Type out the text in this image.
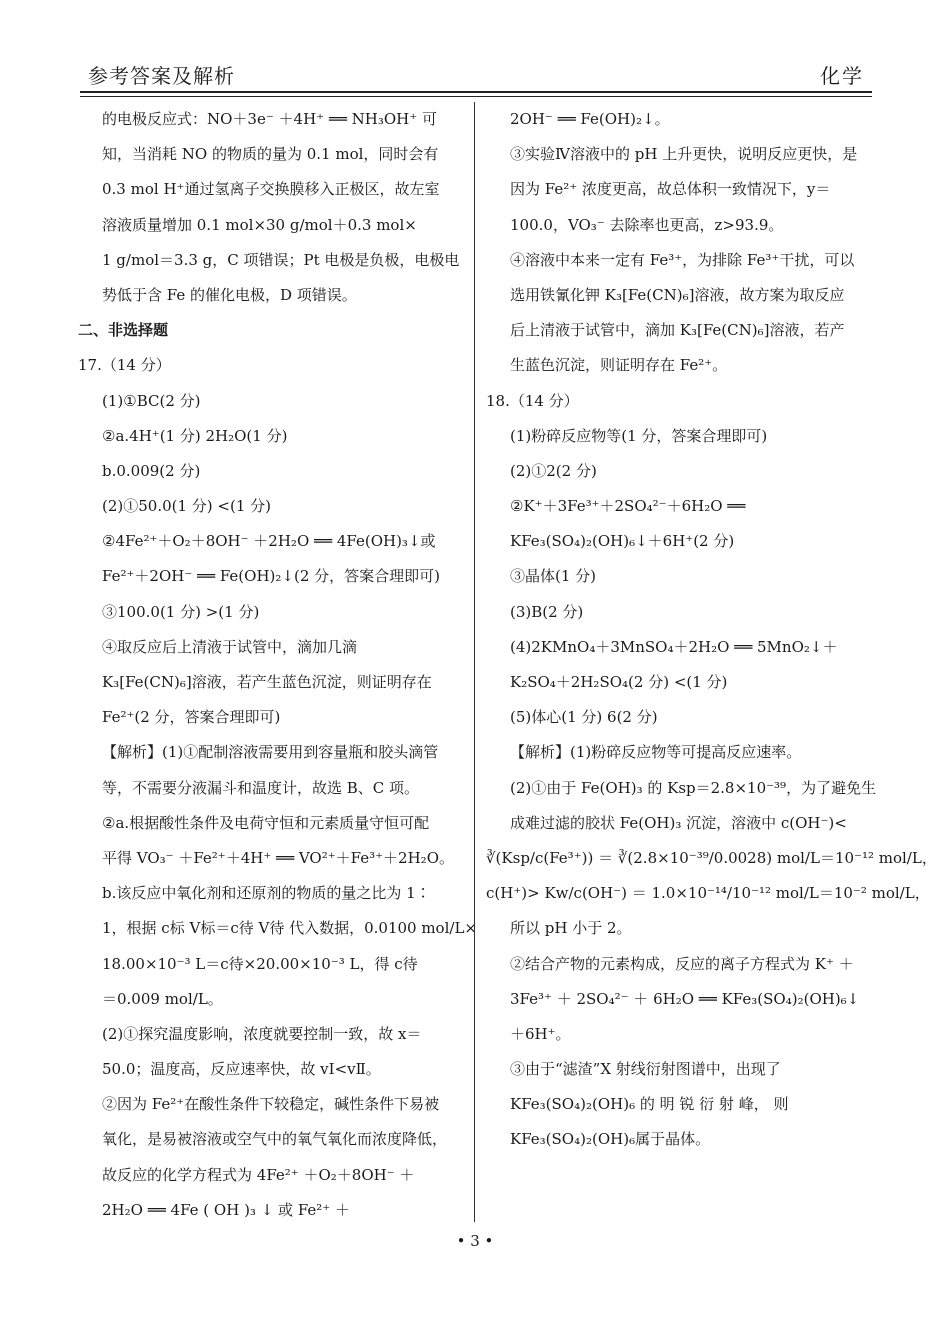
参考答案及解析	化学
的电极反应式：NO＋3e⁻ ＋4H⁺ ══ NH₃OH⁺ 可
知，当消耗 NO 的物质的量为 0.1 mol，同时会有
0.3 mol H⁺通过氢离子交换膜移入正极区，故左室
溶液质量增加 0.1 mol×30 g/mol＋0.3 mol×
1 g/mol＝3.3 g，C 项错误；Pt 电极是负极，电极电
势低于含 Fe 的催化电极，D 项错误。
二、非选择题
17.（14 分）
(1)①BC(2 分)
②a.4H⁺(1 分) 2H₂O(1 分)
b.0.009(2 分)
(2)①50.0(1 分) <(1 分)
②4Fe²⁺＋O₂＋8OH⁻ ＋2H₂O ══ 4Fe(OH)₃↓或
Fe²⁺＋2OH⁻ ══ Fe(OH)₂↓(2 分，答案合理即可)
③100.0(1 分) >(1 分)
④取反应后上清液于试管中，滴加几滴
K₃[Fe(CN)₆]溶液，若产生蓝色沉淀，则证明存在
Fe²⁺(2 分，答案合理即可)
【解析】(1)①配制溶液需要用到容量瓶和胶头滴管
等，不需要分液漏斗和温度计，故选 B、C 项。
②a.根据酸性条件及电荷守恒和元素质量守恒可配
平得 VO₃⁻ ＋Fe²⁺＋4H⁺ ══ VO²⁺＋Fe³⁺＋2H₂O。
b.该反应中氧化剂和还原剂的物质的量之比为 1∶
1，根据 c标 V标＝c待 V待 代入数据，0.0100 mol/L×
18.00×10⁻³ L＝c待×20.00×10⁻³ L，得 c待
＝0.009 mol/L。
(2)①探究温度影响，浓度就要控制一致，故 x＝
50.0；温度高，反应速率快，故 vⅠ<vⅡ。
②因为 Fe²⁺在酸性条件下较稳定，碱性条件下易被
氧化，是易被溶液或空气中的氧气氧化而浓度降低，
故反应的化学方程式为 4Fe²⁺ ＋O₂＋8OH⁻ ＋
2H₂O ══ 4Fe ( OH )₃ ↓ 或 Fe²⁺ ＋
2OH⁻ ══ Fe(OH)₂↓。
③实验Ⅳ溶液中的 pH 上升更快，说明反应更快，是
因为 Fe²⁺ 浓度更高，故总体积一致情况下，y＝
100.0，VO₃⁻ 去除率也更高，z>93.9。
④溶液中本来一定有 Fe³⁺，为排除 Fe³⁺干扰，可以
选用铁氰化钾 K₃[Fe(CN)₆]溶液，故方案为取反应
后上清液于试管中，滴加 K₃[Fe(CN)₆]溶液，若产
生蓝色沉淀，则证明存在 Fe²⁺。
18.（14 分）
(1)粉碎反应物等(1 分，答案合理即可)
(2)①2(2 分)
②K⁺＋3Fe³⁺＋2SO₄²⁻＋6H₂O ══
KFe₃(SO₄)₂(OH)₆↓＋6H⁺(2 分)
③晶体(1 分)
(3)B(2 分)
(4)2KMnO₄＋3MnSO₄＋2H₂O ══ 5MnO₂↓＋
K₂SO₄＋2H₂SO₄(2 分) <(1 分)
(5)体心(1 分) 6(2 分)
【解析】(1)粉碎反应物等可提高反应速率。
(2)①由于 Fe(OH)₃ 的 Ksp＝2.8×10⁻³⁹，为了避免生
成难过滤的胶状 Fe(OH)₃ 沉淀，溶液中 c(OH⁻)<
∛(Ksp/c(Fe³⁺)) ＝ ∛(2.8×10⁻³⁹/0.0028) mol/L＝10⁻¹² mol/L，
c(H⁺)> Kw/c(OH⁻) ＝ 1.0×10⁻¹⁴/10⁻¹² mol/L＝10⁻² mol/L，
所以 pH 小于 2。
②结合产物的元素构成，反应的离子方程式为 K⁺ ＋
3Fe³⁺ ＋ 2SO₄²⁻ ＋ 6H₂O ══ KFe₃(SO₄)₂(OH)₆↓
＋6H⁺。
③由于“滤渣”X 射线衍射图谱中，出现了
KFe₃(SO₄)₂(OH)₆ 的 明 锐 衍 射 峰， 则
KFe₃(SO₄)₂(OH)₆属于晶体。
• 3 •
